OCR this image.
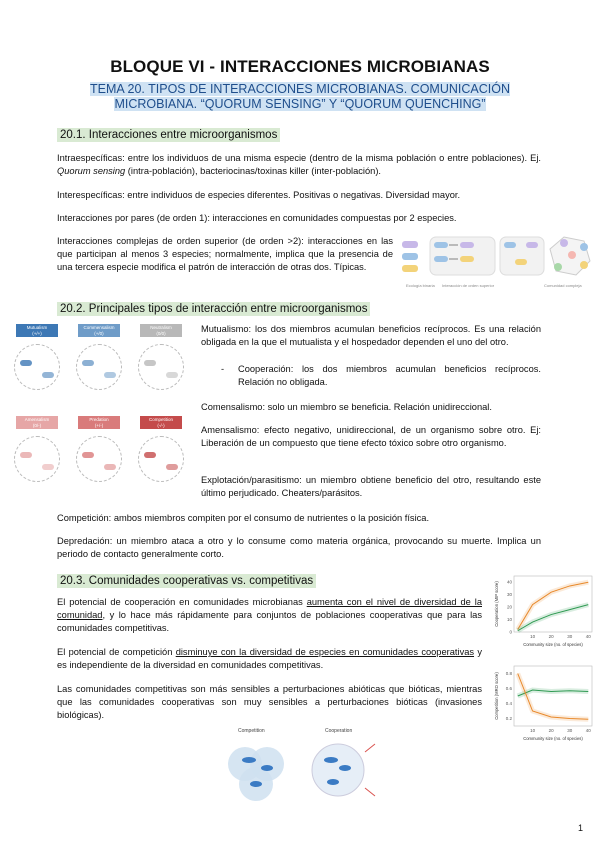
BLOQUE VI - INTERACCIONES MICROBIANAS
TEMA 20. TIPOS DE INTERACCIONES MICROBIANAS. COMUNICACIÓN MICROBIANA. “QUORUM SENSING” Y “QUORUM QUENCHING”
20.1. Interacciones entre microorganismos
Intraespecíficas: entre los individuos de una misma especie (dentro de la misma población o entre poblaciones). Ej. Quorum sensing (intra-población), bacteriocinas/toxinas killer (inter-población).
Interespecíficas: entre individuos de especies diferentes. Positivas o negativas. Diversidad mayor.
Interacciones por pares (de orden 1): interacciones en comunidades compuestas por 2 especies.
Interacciones complejas de orden superior (de orden >2): interacciones en las que participan al menos 3 especies; normalmente, implica que la presencia de una tercera especie modifica el patrón de interacción de otras dos. Típicas.
Ecología binaria Interacción de orden superior	Comunidad compleja
20.2. Principales tipos de interacción entre microorganismos
Mutualism
(+/+)
Commensalism
(+/0)
Neutralism
(0/0)
Amensalism
(0/-)
Predation
(+/-)
Competition
(-/-)
Mutualismo: los dos miembros acumulan beneficios recíprocos. Es una relación obligada en la que el mutualista y el hospedador dependen el uno del otro.
-	Cooperación: los dos miembros acumulan beneficios recíprocos. Relación no obligada.
Comensalismo: solo un miembro se beneficia. Relación unidireccional.
Amensalismo: efecto negativo, unidireccional, de un organismo sobre otro. Ej: Liberación de un compuesto que tiene efecto tóxico sobre otro organismo.
Explotación/parasitismo: un miembro obtiene beneficio del otro, resultando este último perjudicado. Cheaters/parásitos.
Competición: ambos miembros compiten por el consumo de nutrientes o la posición física.
Depredación: un miembro ataca a otro y lo consume como materia orgánica, provocando su muerte. Implica un periodo de contacto generalmente corto.
20.3. Comunidades cooperativas vs. competitivas
El potencial de cooperación en comunidades microbianas aumenta con el nivel de diversidad de la comunidad, y lo hace más rápidamente para conjuntos de poblaciones cooperativas que para las comunidades competitivas.
El potencial de competición disminuye con la diversidad de especies en comunidades cooperativas y es independiente de la diversidad en comunidades competitivas.
Las comunidades competitivas son más sensibles a perturbaciones abióticas que bióticas, mientras que las comunidades cooperativas son muy sensibles a perturbaciones bióticas (invasiones biológicas).
0
10
20
30
40
10	20	30	40
Cooperation (MIP score)
Community size (no. of species)
0.2
0.4
0.6
0.8
10	20	30	40
Competition (MRO score)
Community size (no. of species)
Competition	Cooperation
1
